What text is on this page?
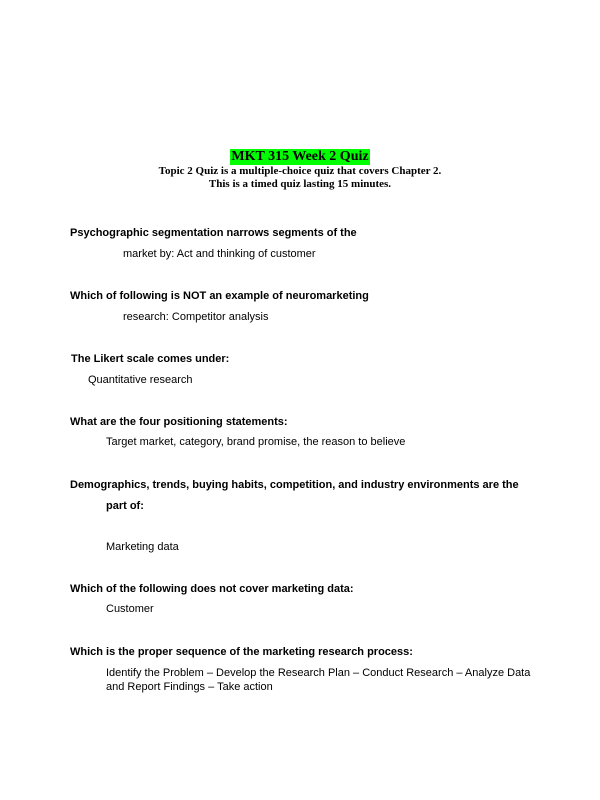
MKT 315 Week 2 Quiz
Topic 2 Quiz is a multiple-choice quiz that covers Chapter 2.
This is a timed quiz lasting 15 minutes.
Psychographic segmentation narrows segments of the
market by: Act and thinking of customer
Which of following is NOT an example of neuromarketing
research: Competitor analysis
The Likert scale comes under:
Quantitative research
What are the four positioning statements:
Target market, category, brand promise, the reason to believe
Demographics, trends, buying habits, competition, and industry environments are the
part of:
Marketing data
Which of the following does not cover marketing data:
Customer
Which is the proper sequence of the marketing research process:
Identify the Problem – Develop the Research Plan – Conduct Research – Analyze Data
and Report Findings – Take action
